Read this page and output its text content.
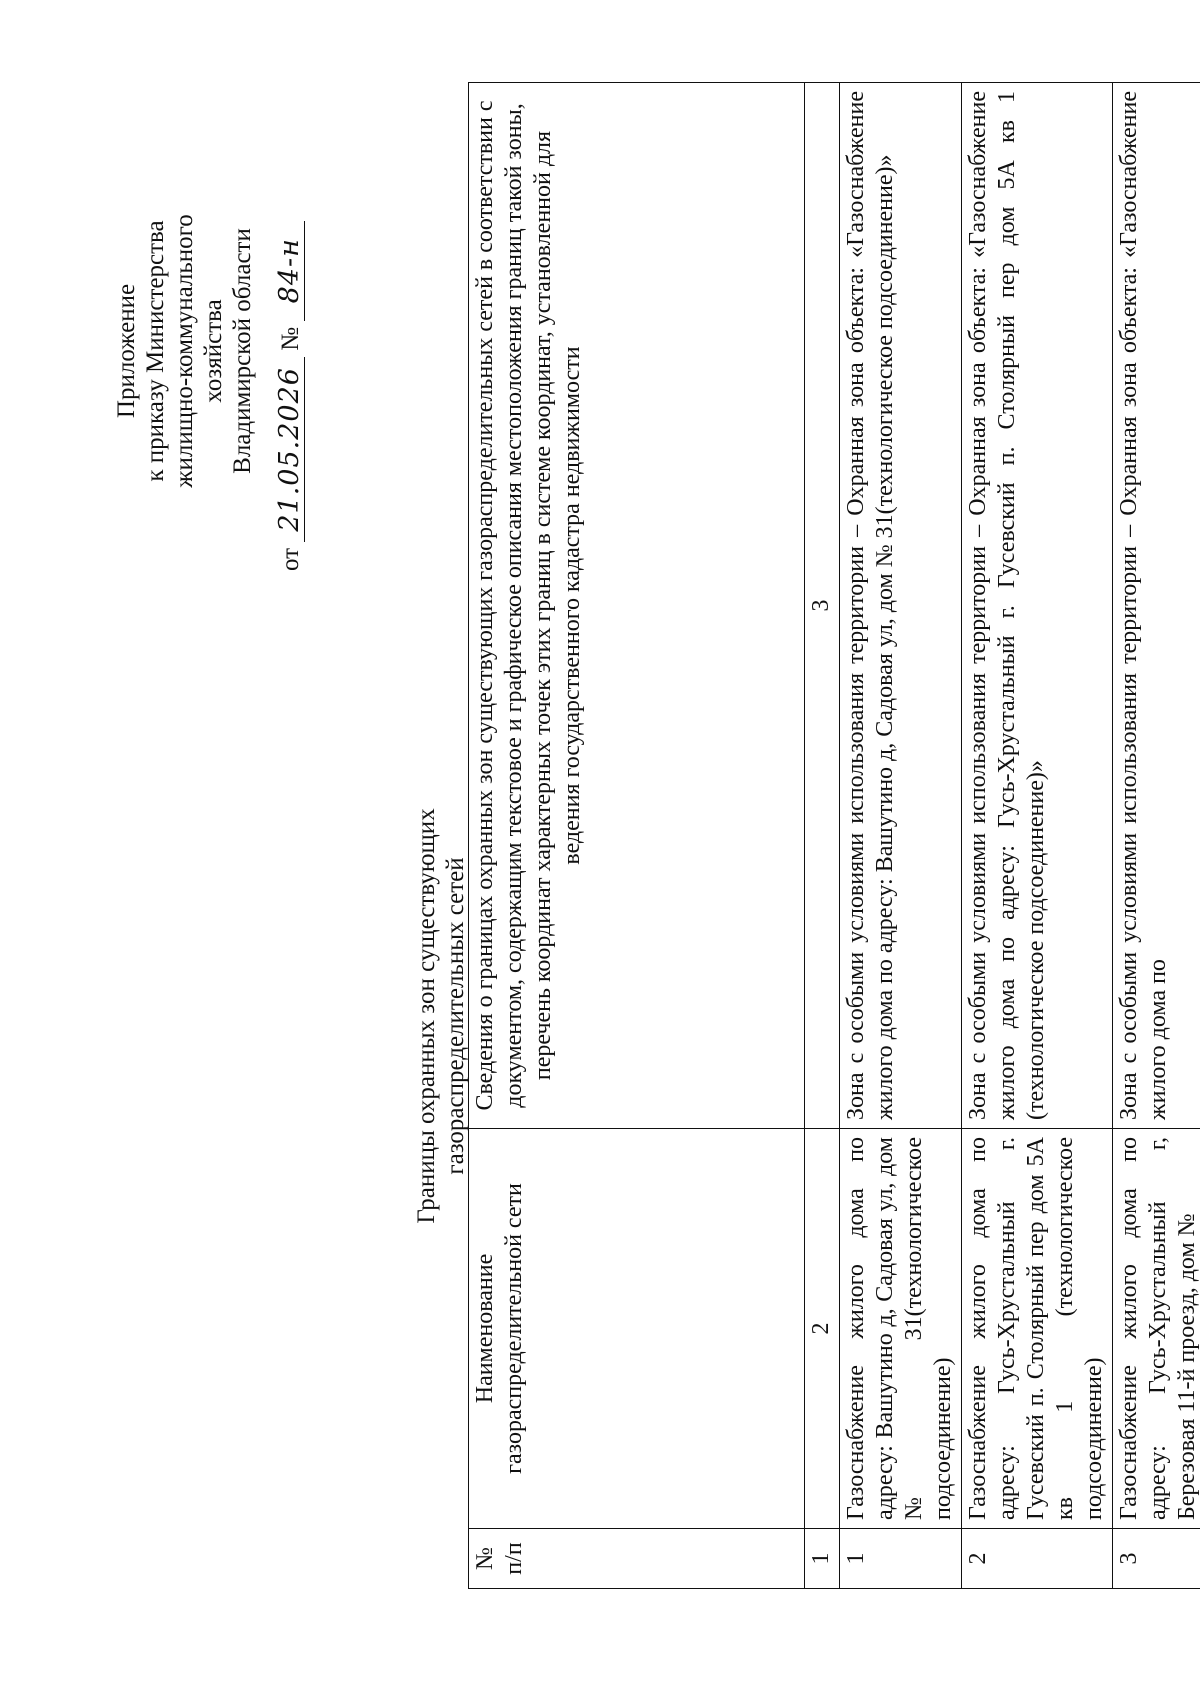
Приложение к приказу Министерства жилищно-коммунального хозяйства Владимирской области
от 21.05.2026 № 84-н
Границы охранных зон существующих газораспределительных сетей
№ п/п	Наименование газораспределительной сети	Сведения о границах охранных зон существующих газораспределительных сетей в соответствии с документом, содержащим текстовое и графическое описания местоположения границ такой зоны, перечень координат характерных точек этих границ в системе координат, установленной для ведения государственного кадастра недвижимости
1	2	3
1	Газоснабжение жилого дома по адресу: Вашутино д, Садовая ул, дом № 31(технологическое подсоединение)	Зона с особыми условиями использования территории – Охранная зона объекта: «Газоснабжение жилого дома по адресу: Вашутино д, Садовая ул, дом № 31(технологическое подсоединение)»
2	Газоснабжение жилого дома по адресу: Гусь-Хрустальный г. Гусевский п. Столярный пер дом 5А кв 1 (технологическое подсоединение)	Зона с особыми условиями использования территории – Охранная зона объекта: «Газоснабжение жилого дома по адресу: Гусь-Хрустальный г. Гусевский п. Столярный пер дом 5А кв 1 (технологическое подсоединение)»
3	Газоснабжение жилого дома по адресу: Гусь-Хрустальный г, Березовая 11-й проезд, дом №	Зона с особыми условиями использования территории – Охранная зона объекта: «Газоснабжение жилого дома по
